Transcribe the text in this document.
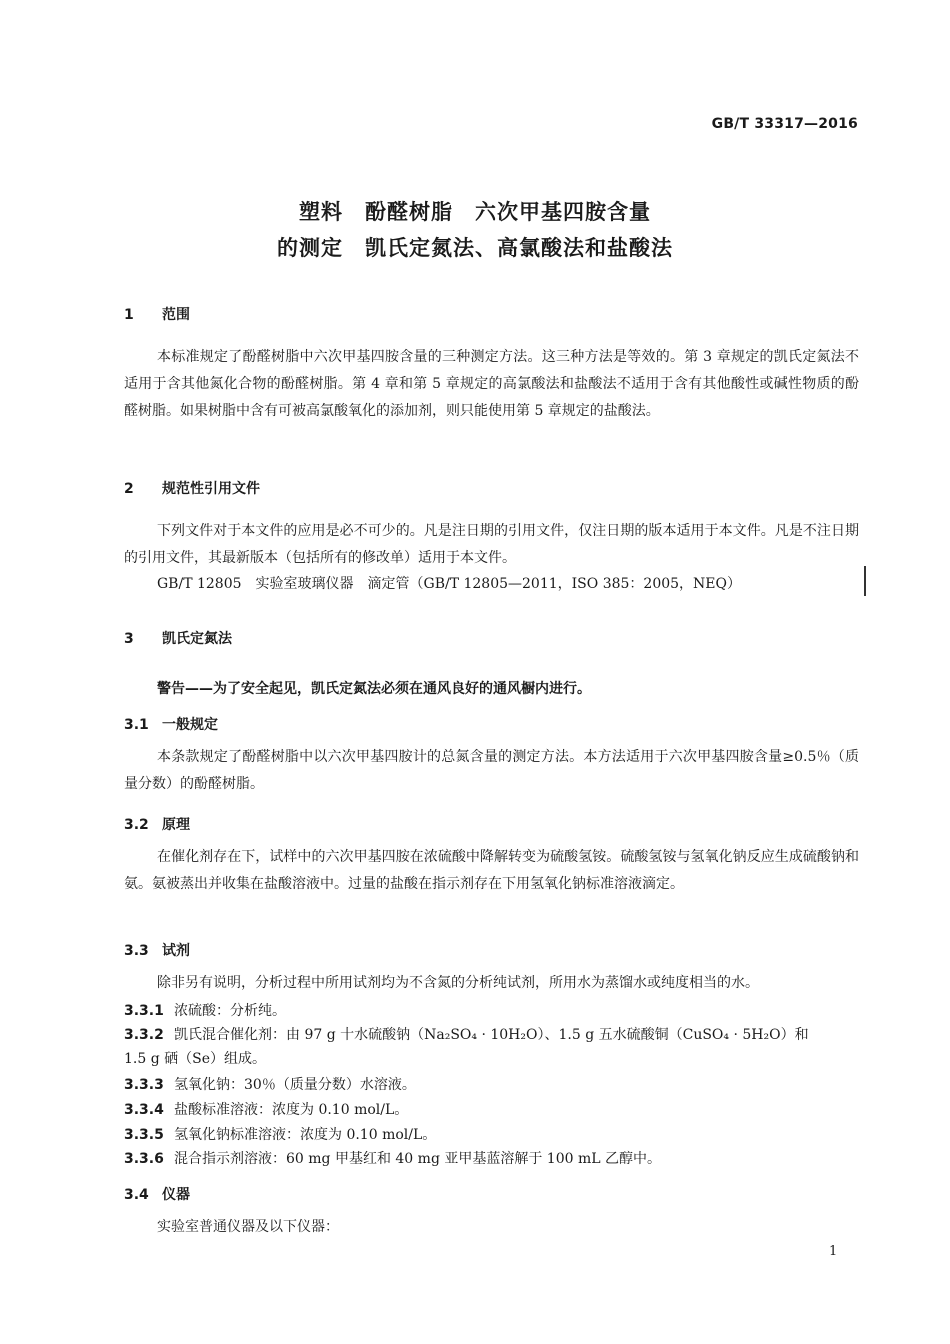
GB/T 33317—2016
塑料　酚醛树脂　六次甲基四胺含量
的测定　凯氏定氮法、高氯酸法和盐酸法
1 范围
本标准规定了酚醛树脂中六次甲基四胺含量的三种测定方法。这三种方法是等效的。第 3 章规定的凯氏定氮法不适用于含其他氮化合物的酚醛树脂。第 4 章和第 5 章规定的高氯酸法和盐酸法不适用于含有其他酸性或碱性物质的酚醛树脂。如果树脂中含有可被高氯酸氧化的添加剂，则只能使用第 5 章规定的盐酸法。
2 规范性引用文件
下列文件对于本文件的应用是必不可少的。凡是注日期的引用文件，仅注日期的版本适用于本文件。凡是不注日期的引用文件，其最新版本（包括所有的修改单）适用于本文件。
GB/T 12805　实验室玻璃仪器　滴定管（GB/T 12805—2011，ISO 385：2005，NEQ）
3 凯氏定氮法
警告——为了安全起见，凯氏定氮法必须在通风良好的通风橱内进行。
3.1 一般规定
本条款规定了酚醛树脂中以六次甲基四胺计的总氮含量的测定方法。本方法适用于六次甲基四胺含量≥0.5％（质量分数）的酚醛树脂。
3.2 原理
在催化剂存在下，试样中的六次甲基四胺在浓硫酸中降解转变为硫酸氢铵。硫酸氢铵与氢氧化钠反应生成硫酸钠和氨。氨被蒸出并收集在盐酸溶液中。过量的盐酸在指示剂存在下用氢氧化钠标准溶液滴定。
3.3 试剂
除非另有说明，分析过程中所用试剂均为不含氮的分析纯试剂，所用水为蒸馏水或纯度相当的水。
3.3.1 浓硫酸：分析纯。
3.3.2 凯氏混合催化剂：由 97 g 十水硫酸钠（Na₂SO₄ · 10H₂O）、1.5 g 五水硫酸铜（CuSO₄ · 5H₂O）和
1.5 g 硒（Se）组成。
3.3.3 氢氧化钠：30％（质量分数）水溶液。
3.3.4 盐酸标准溶液：浓度为 0.10 mol/L。
3.3.5 氢氧化钠标准溶液：浓度为 0.10 mol/L。
3.3.6 混合指示剂溶液：60 mg 甲基红和 40 mg 亚甲基蓝溶解于 100 mL 乙醇中。
3.4 仪器
实验室普通仪器及以下仪器：
1
